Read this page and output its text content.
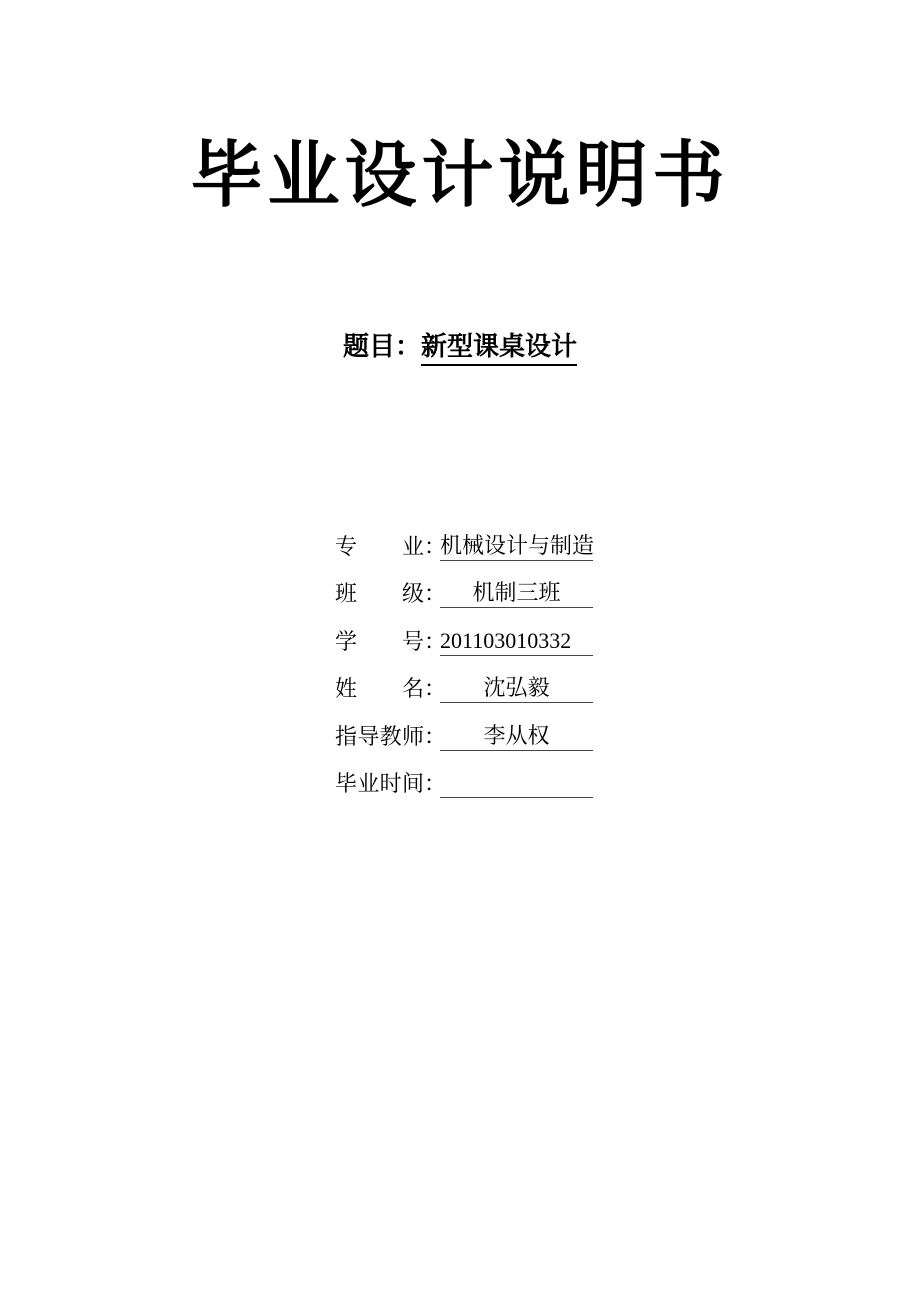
毕业设计说明书
题目：新型课桌设计
专业 ：
机械设计与制造
班级 ：	机制三班
学号 ：
201103010332
姓名 ：	沈弘毅
指导教师 ：	李从权
毕业时间 ：
